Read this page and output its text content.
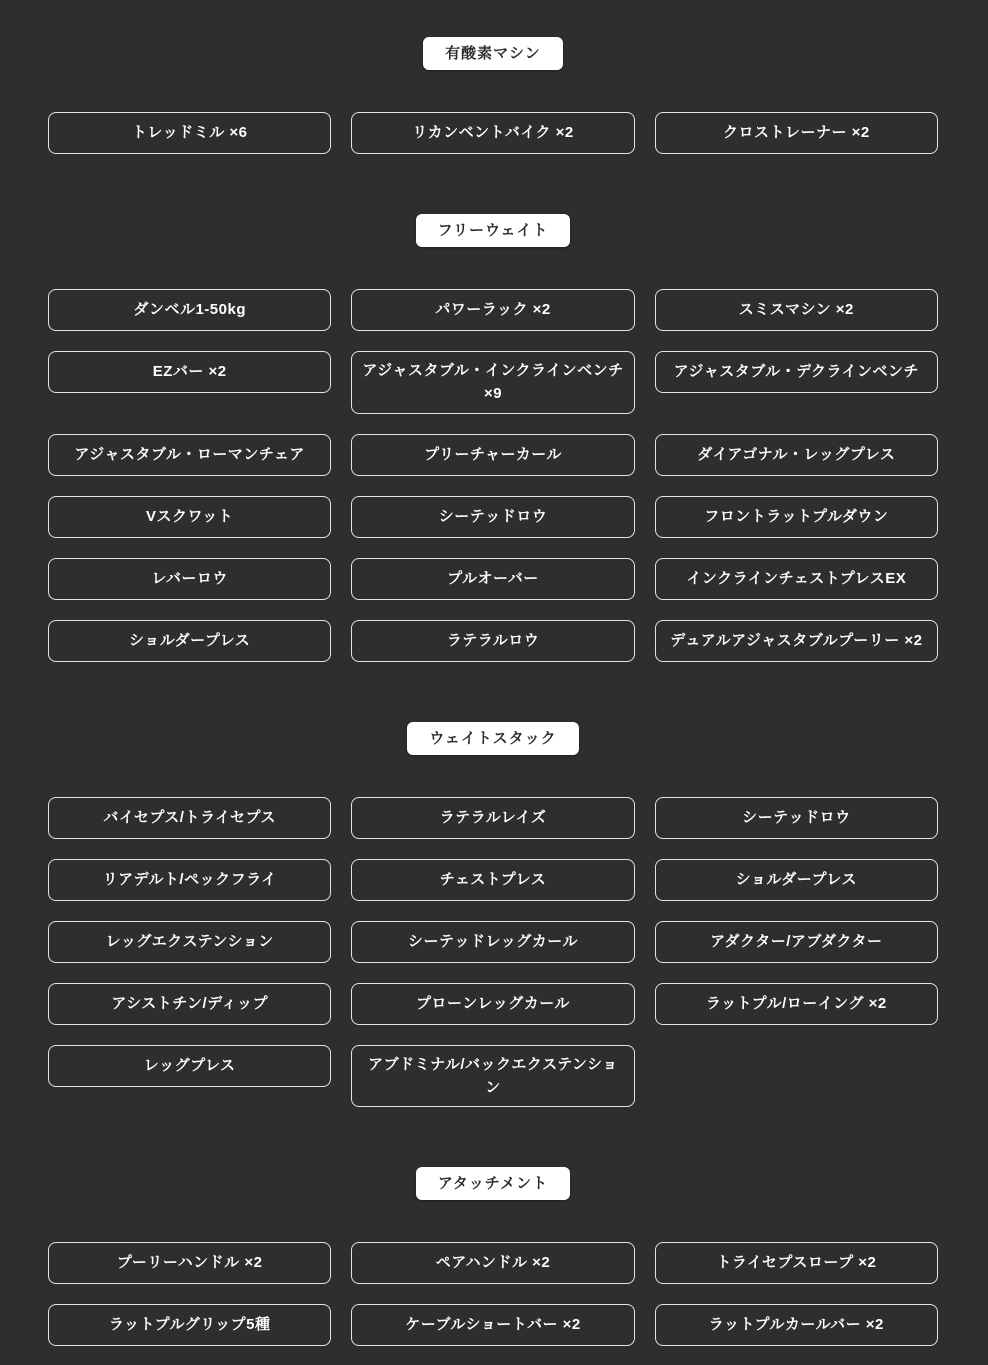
有酸素マシン
トレッドミル ×6	リカンベントバイク ×2	クロストレーナー ×2
フリーウェイト
ダンベル1-50kg	パワーラック ×2	スミスマシン ×2
EZバー ×2	アジャスタブル・インクラインベンチ ×9
アジャスタブル・デクラインベンチ
アジャスタブル・ローマンチェア	プリーチャーカール	ダイアゴナル・レッグプレス
Vスクワット	シーテッドロウ	フロントラットプルダウン
レバーロウ	プルオーバー	インクラインチェストプレスEX
ショルダープレス	ラテラルロウ	デュアルアジャスタブルプーリー ×2
ウェイトスタック
バイセプス/トライセプス	ラテラルレイズ	シーテッドロウ
リアデルト/ペックフライ	チェストプレス	ショルダープレス
レッグエクステンション	シーテッドレッグカール	アダクター/アブダクター
アシストチン/ディップ	プローンレッグカール	ラットプル/ローイング ×2
レッグプレス	アブドミナル/バックエクステンション
アタッチメント
プーリーハンドル ×2	ペアハンドル ×2	トライセプスロープ ×2
ラットプルグリップ5種	ケーブルショートバー ×2	ラットプルカールバー ×2
